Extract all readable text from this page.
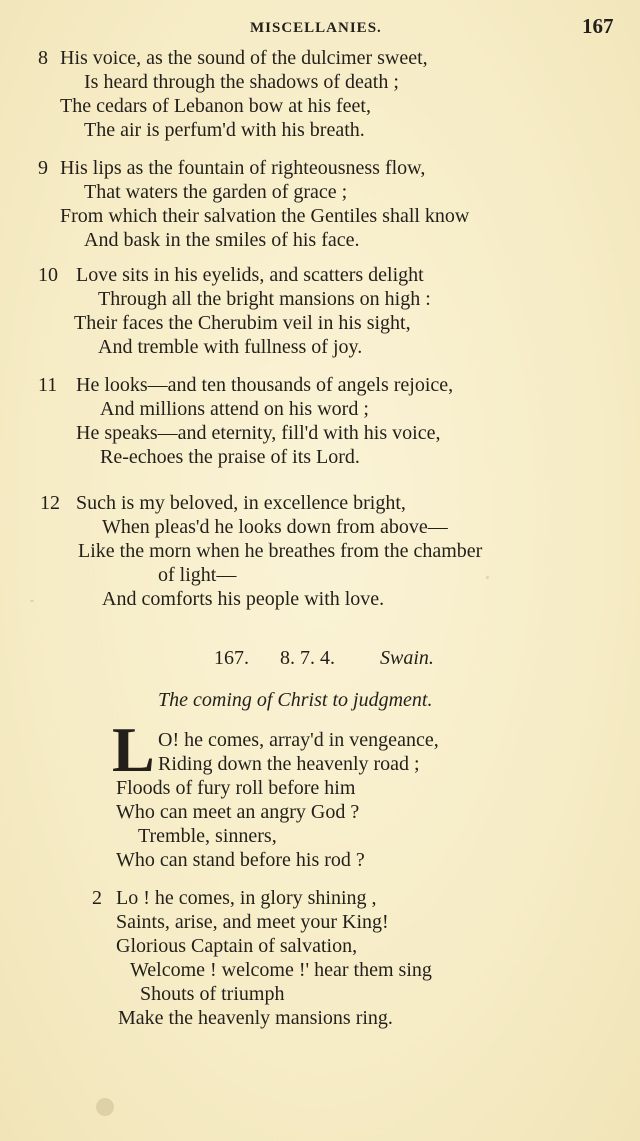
MISCELLANIES.	167
8 His voice, as the sound of the dulcimer sweet,
Is heard through the shadows of death ;
The cedars of Lebanon bow at his feet,
The air is perfum'd with his breath.
9 His lips as the fountain of righteousness flow,
That waters the garden of grace ;
From which their salvation the Gentiles shall know
And bask in the smiles of his face.
10 Love sits in his eyelids, and scatters delight
Through all the bright mansions on high :
Their faces the Cherubim veil in his sight,
And tremble with fullness of joy.
11 He looks—and ten thousands of angels rejoice,
And millions attend on his word ;
He speaks—and eternity, fill'd with his voice,
Re-echoes the praise of its Lord.
12 Such is my beloved, in excellence bright,
When pleas'd he looks down from above—
Like the morn when he breathes from the chamber
of light—
And comforts his people with love.
167. 8. 7. 4. Swain.
The coming of Christ to judgment.
L O! he comes, array'd in vengeance,
Riding down the heavenly road ;
Floods of fury roll before him
Who can meet an angry God ?
Tremble, sinners,
Who can stand before his rod ?
2 Lo ! he comes, in glory shining ,
Saints, arise, and meet your King!
Glorious Captain of salvation,
Welcome ! welcome !' hear them sing
Shouts of triumph
Make the heavenly mansions ring.
